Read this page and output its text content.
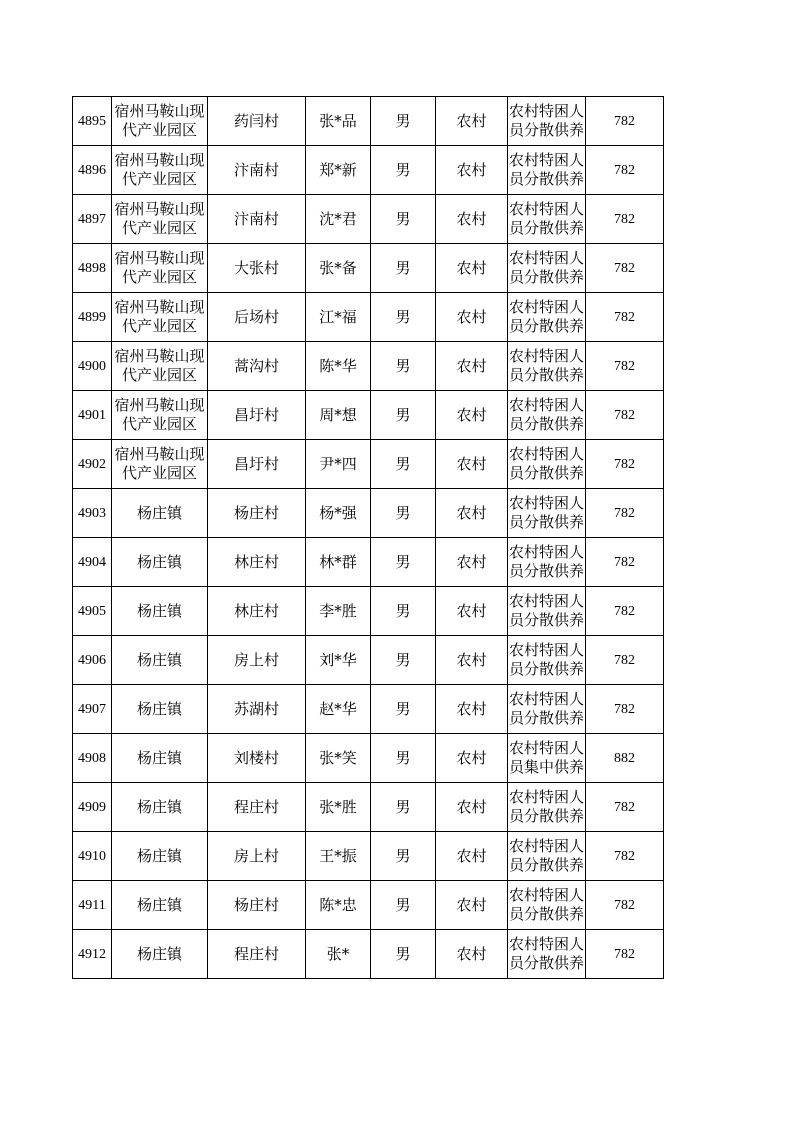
4895	宿州马鞍山现代产业园区	药闫村	张*品	男	农村	农村特困人员分散供养	782
4896	宿州马鞍山现代产业园区	汴南村	郑*新	男	农村	农村特困人员分散供养	782
4897	宿州马鞍山现代产业园区	汴南村	沈*君	男	农村	农村特困人员分散供养	782
4898	宿州马鞍山现代产业园区	大张村	张*备	男	农村	农村特困人员分散供养	782
4899	宿州马鞍山现代产业园区	后场村	江*福	男	农村	农村特困人员分散供养	782
4900	宿州马鞍山现代产业园区	蒿沟村	陈*华	男	农村	农村特困人员分散供养	782
4901	宿州马鞍山现代产业园区	昌圩村	周*想	男	农村	农村特困人员分散供养	782
4902	宿州马鞍山现代产业园区	昌圩村	尹*四	男	农村	农村特困人员分散供养	782
4903	杨庄镇	杨庄村	杨*强	男	农村	农村特困人员分散供养	782
4904	杨庄镇	林庄村	林*群	男	农村	农村特困人员分散供养	782
4905	杨庄镇	林庄村	李*胜	男	农村	农村特困人员分散供养	782
4906	杨庄镇	房上村	刘*华	男	农村	农村特困人员分散供养	782
4907	杨庄镇	苏湖村	赵*华	男	农村	农村特困人员分散供养	782
4908	杨庄镇	刘楼村	张*笑	男	农村	农村特困人员集中供养	882
4909	杨庄镇	程庄村	张*胜	男	农村	农村特困人员分散供养	782
4910	杨庄镇	房上村	王*振	男	农村	农村特困人员分散供养	782
4911	杨庄镇	杨庄村	陈*忠	男	农村	农村特困人员分散供养	782
4912	杨庄镇	程庄村	张*	男	农村	农村特困人员分散供养	782
